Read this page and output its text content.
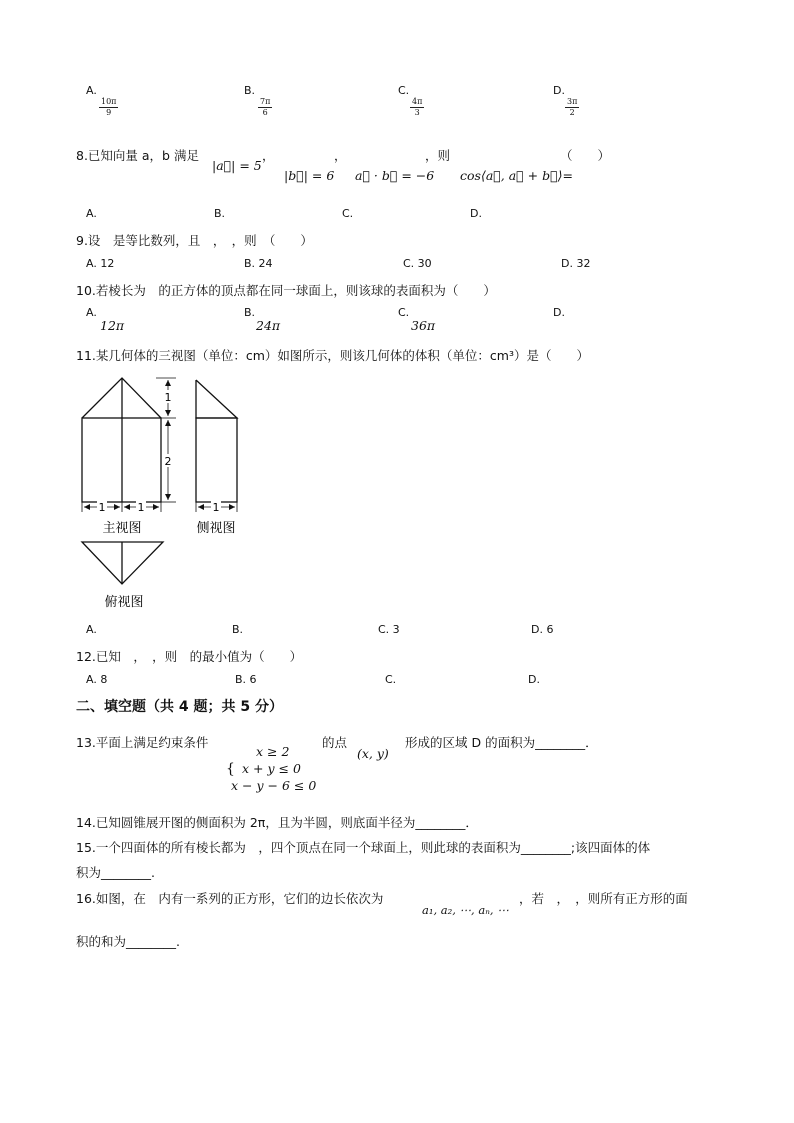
A.
$\frac{10\pi}{9}$
B.
$\frac{7\pi}{6}$
C.
$\frac{4\pi}{3}$
D.
$\frac{3\pi}{2}$
8.已知向量 a，b 满足
|a⃗| = 5
，
|b⃗| = 6
，
a⃗ · b⃗ = −6
，则
cos⟨a⃗, a⃗ + b⃗⟩=
（　　）
A.	B.	C.	D.
9.设　是等比数列，且　，　，则　（　　）
A. 12	B. 24	C. 30	D. 32
10.若棱长为　的正方体的顶点都在同一球面上，则该球的表面积为（　　）
A.
12π
B.
24π
C.
36π
D.
11.某几何体的三视图（单位：cm）如图所示，则该几何体的体积（单位：cm³）是（　　）
1
2
1	1	1
主视图	侧视图
俯视图
A.	B.	C. 3	D. 6
12.已知　，　，则　的最小值为（　　）
A. 8	B. 6	C.	D.
二、填空题（共 4 题；共 5 分）
13.平面上满足约束条件	的点
(x, y)
形成的区域 D 的面积为________．
{
x ≥ 2
x + y ≤ 0
x − y − 6 ≤ 0
14.已知圆锥展开图的侧面积为 2π，且为半圆，则底面半径为________．
15.一个四面体的所有棱长都为　，四个顶点在同一个球面上，则此球的表面积为________;该四面体的体
积为________.
16.如图，在　内有一系列的正方形，它们的边长依次为
a₁, a₂, ⋯, aₙ, ⋯
，若　，　，则所有正方形的面
积的和为________.
